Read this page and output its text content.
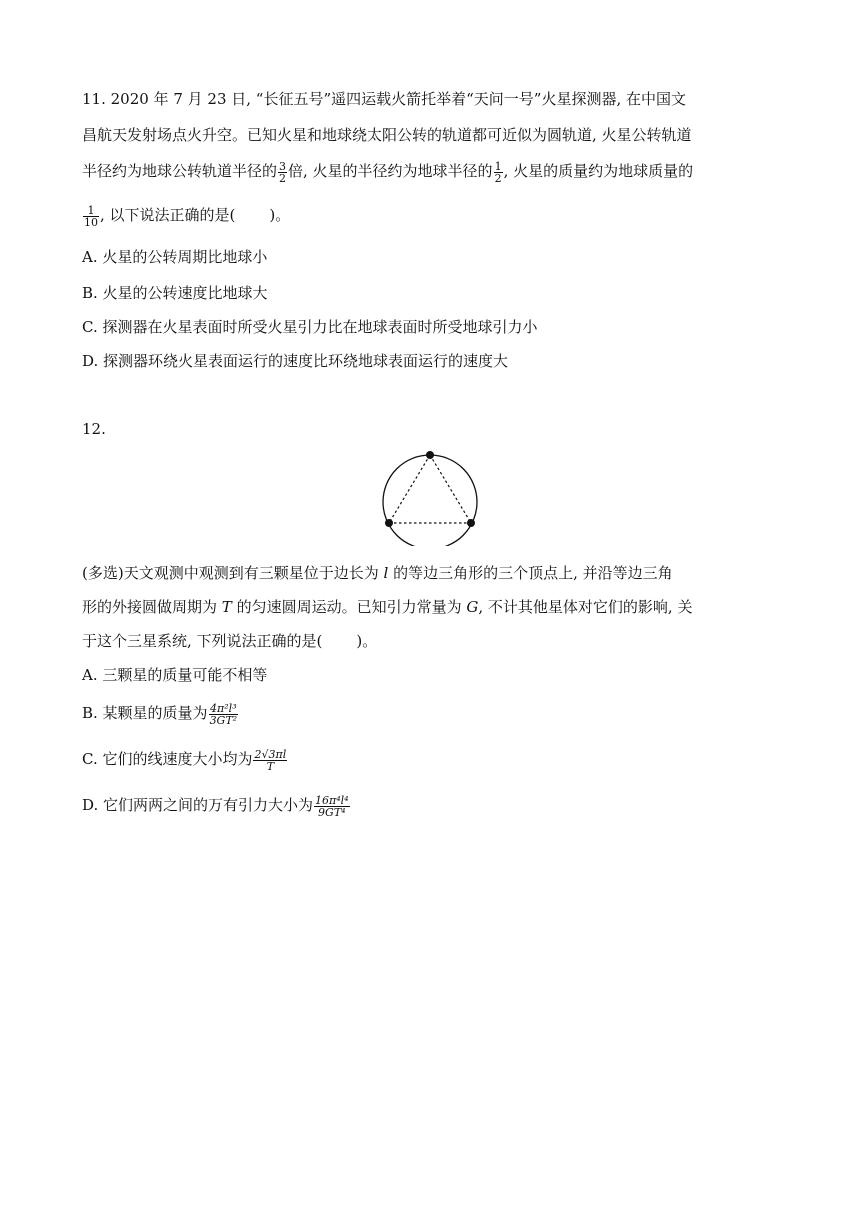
11. 2020 年 7 月 23 日, “长征五号”遥四运载火箭托举着“天问一号”火星探测器, 在中国文
昌航天发射场点火升空。已知火星和地球绕太阳公转的轨道都可近似为圆轨道, 火星公转轨道
半径约为地球公转轨道半径的 $\frac{3}{2}$ 倍, 火星的半径约为地球半径的 $\frac{1}{2}$ , 火星的质量约为地球质量的
$\frac{1}{10}$ , 以下说法正确的是( )。
A. 火星的公转周期比地球小
B. 火星的公转速度比地球大
C. 探测器在火星表面时所受火星引力比在地球表面时所受地球引力小
D. 探测器环绕火星表面运行的速度比环绕地球表面运行的速度大
12.
(多选)天文观测中观测到有三颗星位于边长为 l 的等边三角形的三个顶点上, 并沿等边三角
形的外接圆做周期为 T 的匀速圆周运动。已知引力常量为 G, 不计其他星体对它们的影响, 关
于这个三星系统, 下列说法正确的是( )。
A. 三颗星的质量可能不相等
B. 某颗星的质量为 $\frac{\text{4π²l³}}{\text{3GT²}}$
C. 它们的线速度大小均为 $\frac{2√3\pi l}{T}$
D. 它们两两之间的万有引力大小为 $\frac{\text{16π⁴l⁴}}{\text{9GT⁴}}$
